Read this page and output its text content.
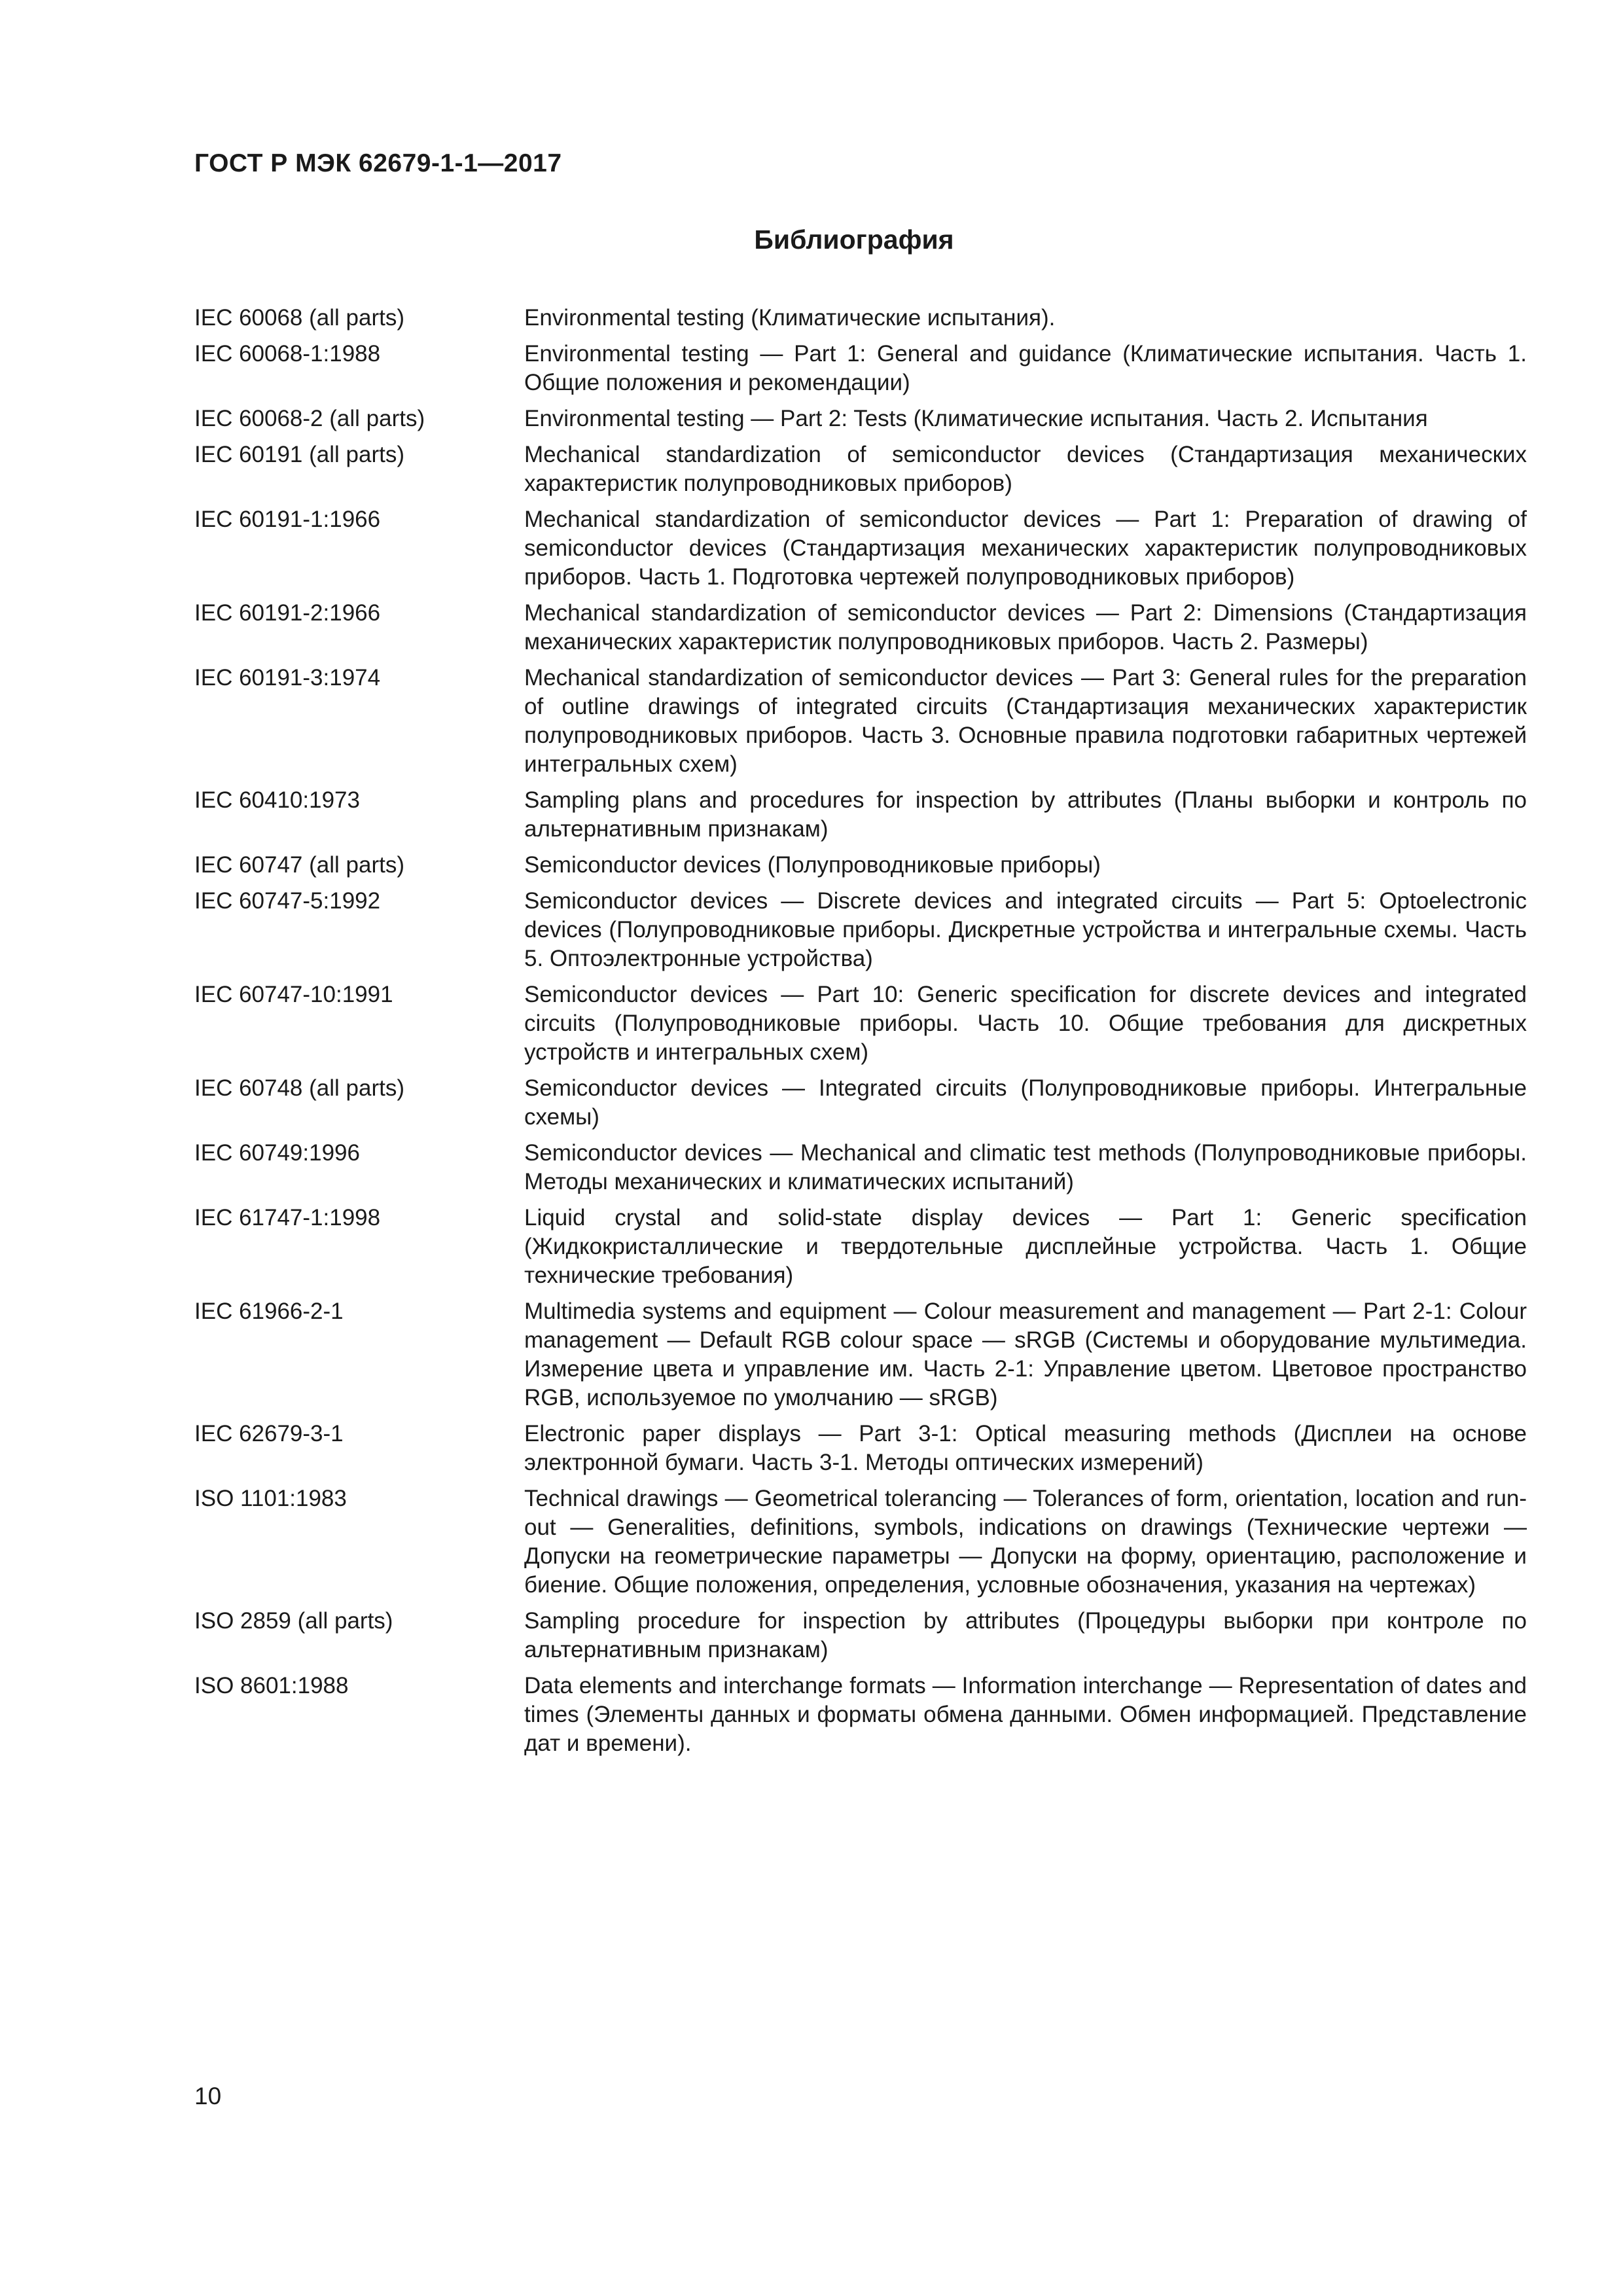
ГОСТ Р МЭК 62679-1-1—2017
Библиография
IEC 60068 (all parts)	Environmental testing (Климатические испытания).
IEC 60068-1:1988	Environmental testing — Part 1: General and guidance (Климатические испытания. Часть 1. Общие положения и рекомендации)
IEC 60068-2 (all parts)	Environmental testing — Part 2: Tests (Климатические испытания. Часть 2. Испытания
IEC 60191 (all parts)	Mechanical standardization of semiconductor devices (Стандартизация механических характеристик полупроводниковых приборов)
IEC 60191-1:1966	Mechanical standardization of semiconductor devices — Part 1: Preparation of drawing of semiconductor devices (Стандартизация механических характеристик полупроводниковых приборов. Часть 1. Подготовка чертежей полупроводниковых приборов)
IEC 60191-2:1966	Mechanical standardization of semiconductor devices — Part 2: Dimensions (Стандартизация механических характеристик полупроводниковых приборов. Часть 2. Размеры)
IEC 60191-3:1974	Mechanical standardization of semiconductor devices — Part 3: General rules for the preparation of outline drawings of integrated circuits (Стандартизация механических характеристик полупроводниковых приборов. Часть 3. Основные правила подготовки габаритных чертежей интегральных схем)
IEC 60410:1973	Sampling plans and procedures for inspection by attributes (Планы выборки и контроль по альтернативным признакам)
IEC 60747 (all parts)	Semiconductor devices (Полупроводниковые приборы)
IEC 60747-5:1992	Semiconductor devices — Discrete devices and integrated circuits — Part 5: Optoelectronic devices (Полупроводниковые приборы. Дискретные устройства и интегральные схемы. Часть 5. Оптоэлектронные устройства)
IEC 60747-10:1991	Semiconductor devices — Part 10: Generic specification for discrete devices and integrated circuits (Полупроводниковые приборы. Часть 10. Общие требования для дискретных устройств и интегральных схем)
IEC 60748 (all parts)	Semiconductor devices — Integrated circuits (Полупроводниковые приборы. Интегральные схемы)
IEC 60749:1996	Semiconductor devices — Mechanical and climatic test methods (Полупроводниковые приборы. Методы механических и климатических испытаний)
IEC 61747-1:1998	Liquid crystal and solid-state display devices — Part 1: Generic specification (Жидкокристаллические и твердотельные дисплейные устройства. Часть 1. Общие технические требования)
IEC 61966-2-1	Multimedia systems and equipment — Colour measurement and management — Part 2-1: Colour management — Default RGB colour space — sRGB (Системы и оборудование мультимедиа. Измерение цвета и управление им. Часть 2-1: Управление цветом. Цветовое пространство RGB, используемое по умолчанию — sRGB)
IEC 62679-3-1	Electronic paper displays — Part 3-1: Optical measuring methods (Дисплеи на основе электронной бумаги. Часть 3-1. Методы оптических измерений)
ISO 1101:1983	Technical drawings — Geometrical tolerancing — Tolerances of form, orientation, location and run-out — Generalities, definitions, symbols, indications on drawings (Технические чертежи — Допуски на геометрические параметры — Допуски на форму, ориентацию, расположение и биение. Общие положения, определения, условные обозначения, указания на чертежах)
ISO 2859 (all parts)	Sampling procedure for inspection by attributes (Процедуры выборки при контроле по альтернативным признакам)
ISO 8601:1988	Data elements and interchange formats — Information interchange — Representation of dates and times (Элементы данных и форматы обмена данными. Обмен информацией. Представление дат и времени).
10
